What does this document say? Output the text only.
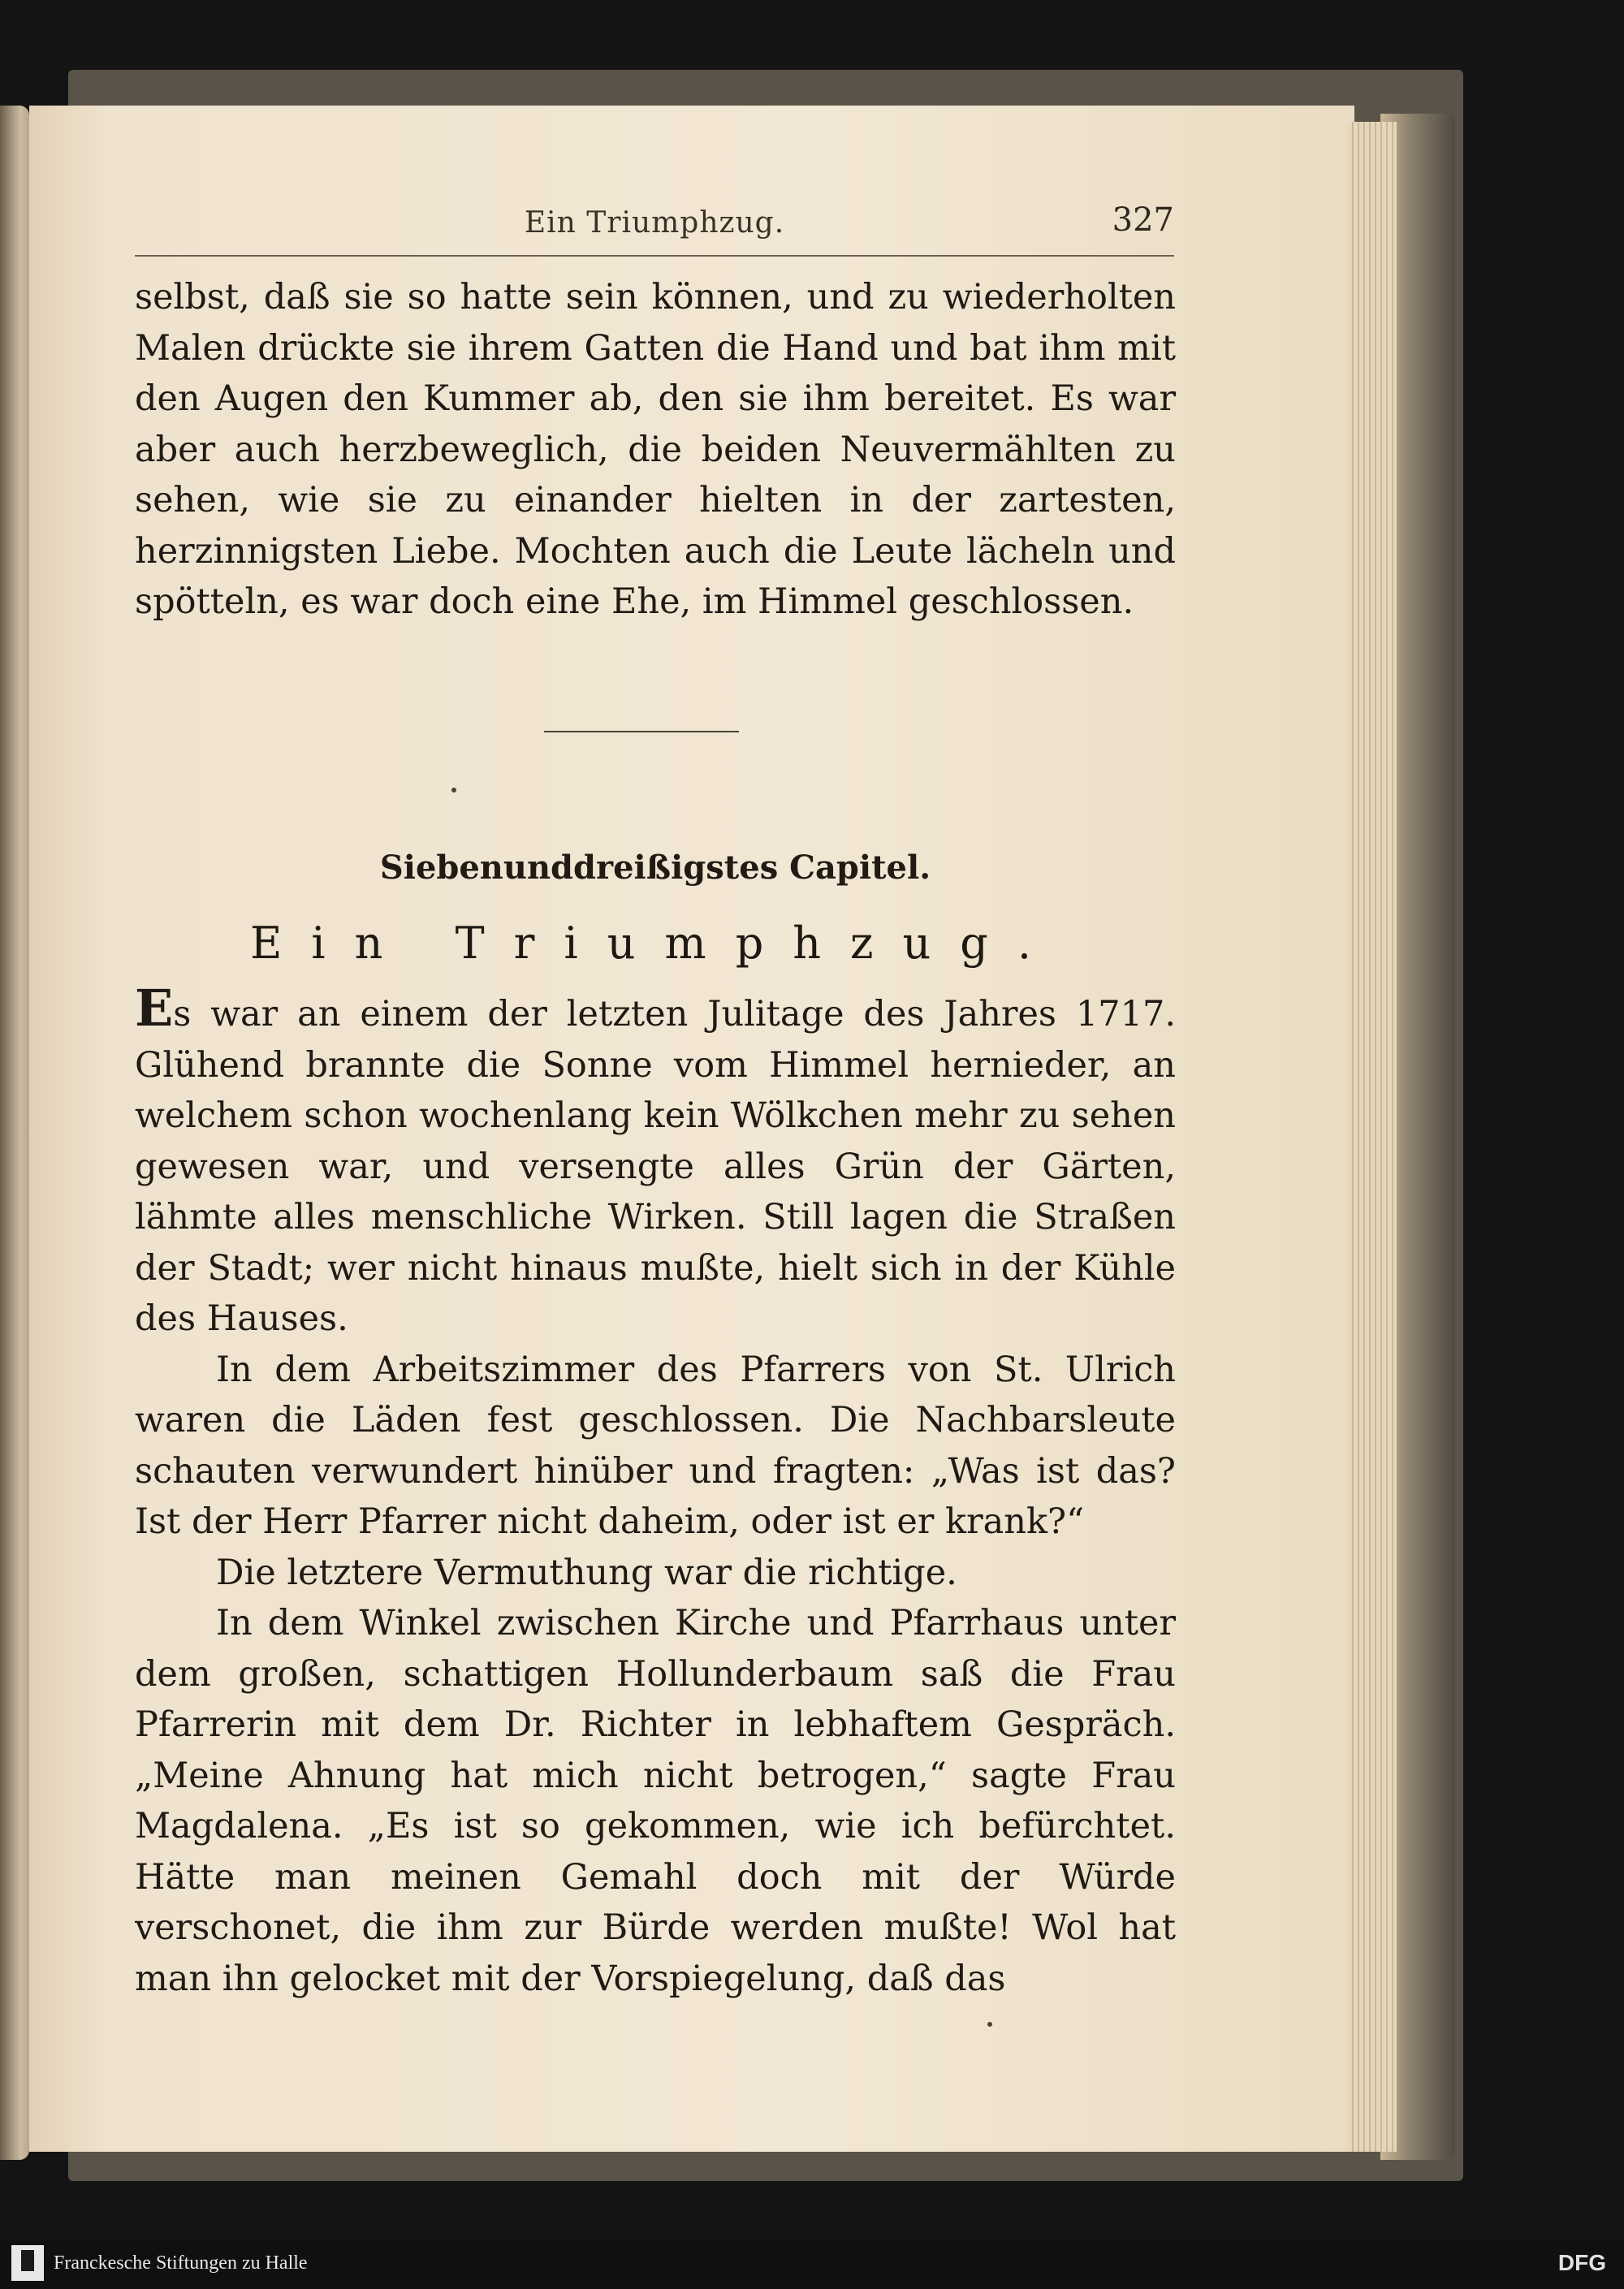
Ein Triumphzug.	327

selbst, daß sie so hatte sein können, und zu wiederholten Malen drückte sie ihrem Gatten die Hand und bat ihm mit den Augen den Kummer ab, den sie ihm bereitet. Es war aber auch herzbeweglich, die beiden Neuvermählten zu sehen, wie sie zu einander hielten in der zartesten, herzinnigsten Liebe. Mochten auch die Leute lächeln und spötteln, es war doch eine Ehe, im Himmel geschlossen.

Siebenunddreißigstes Capitel.
Ein Triumphzug.

Es war an einem der letzten Julitage des Jahres 1717. Glühend brannte die Sonne vom Himmel hernieder, an welchem schon wochenlang kein Wölkchen mehr zu sehen gewesen war, und versengte alles Grün der Gärten, lähmte alles menschliche Wirken. Still lagen die Straßen der Stadt; wer nicht hinaus mußte, hielt sich in der Kühle des Hauses.

In dem Arbeitszimmer des Pfarrers von St. Ulrich waren die Läden fest geschlossen. Die Nachbarsleute schauten verwundert hinüber und fragten: „Was ist das? Ist der Herr Pfarrer nicht daheim, oder ist er krank?“

Die letztere Vermuthung war die richtige.

In dem Winkel zwischen Kirche und Pfarrhaus unter dem großen, schattigen Hollunderbaum saß die Frau Pfarrerin mit dem Dr. Richter in lebhaftem Gespräch. „Meine Ahnung hat mich nicht betrogen,“ sagte Frau Magdalena. „Es ist so gekommen, wie ich befürchtet. Hätte man meinen Gemahl doch mit der Würde verschonet, die ihm zur Bürde werden mußte! Wol hat man ihn gelocket mit der Vorspiegelung, daß das

Franckesche Stiftungen zu Halle	DFG
